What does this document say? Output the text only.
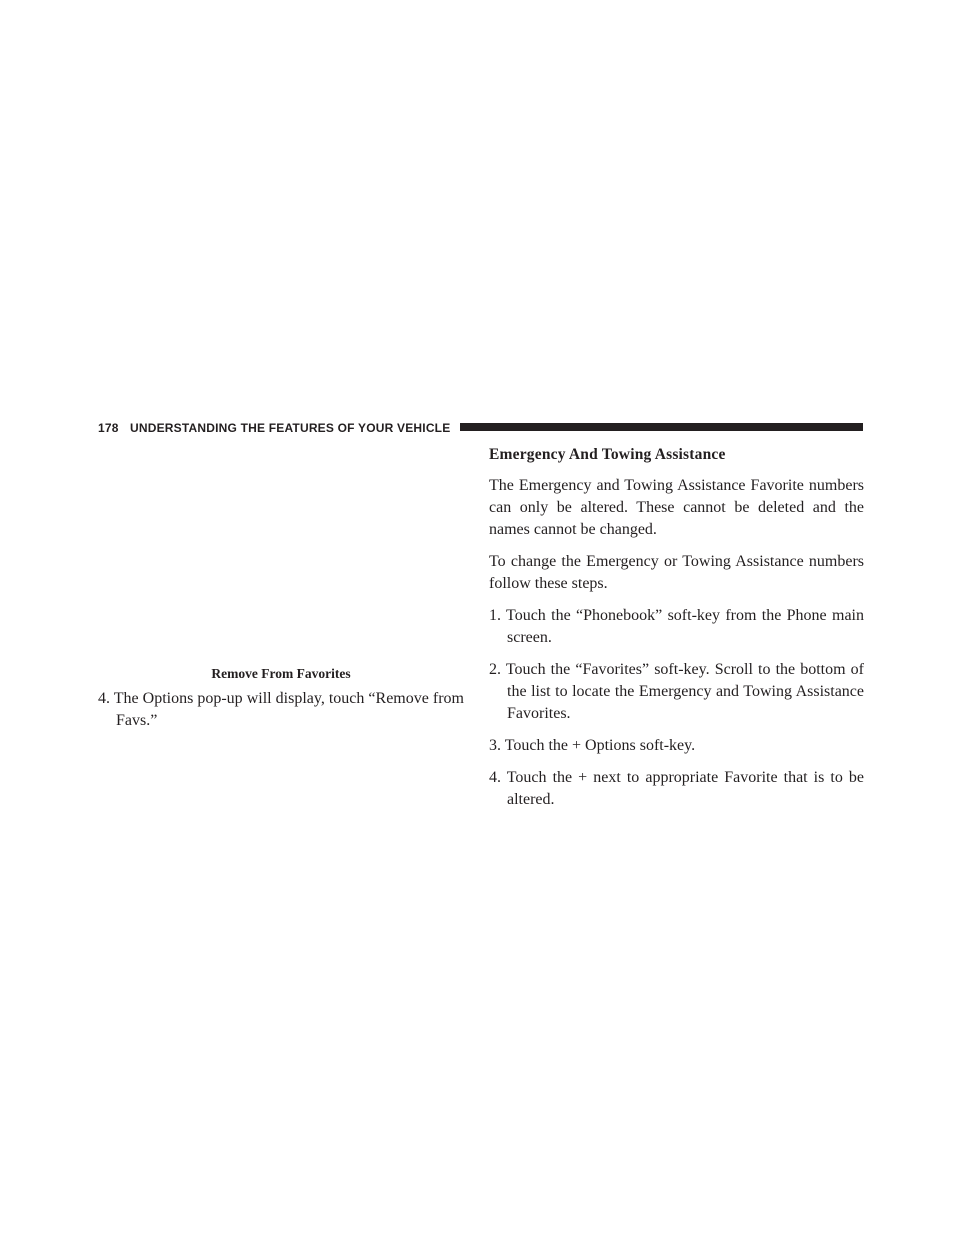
178 UNDERSTANDING THE FEATURES OF YOUR VEHICLE
Remove From Favorites
4. The Options pop-up will display, touch “Remove from Favs.”
Emergency And Towing Assistance

The Emergency and Towing Assistance Favorite numbers can only be altered. These cannot be deleted and the names cannot be changed.

To change the Emergency or Towing Assistance numbers follow these steps.

1. Touch the “Phonebook” soft-key from the Phone main screen.
2. Touch the “Favorites” soft-key. Scroll to the bottom of the list to locate the Emergency and Towing Assistance Favorites.
3. Touch the + Options soft-key.
4. Touch the + next to appropriate Favorite that is to be altered.
